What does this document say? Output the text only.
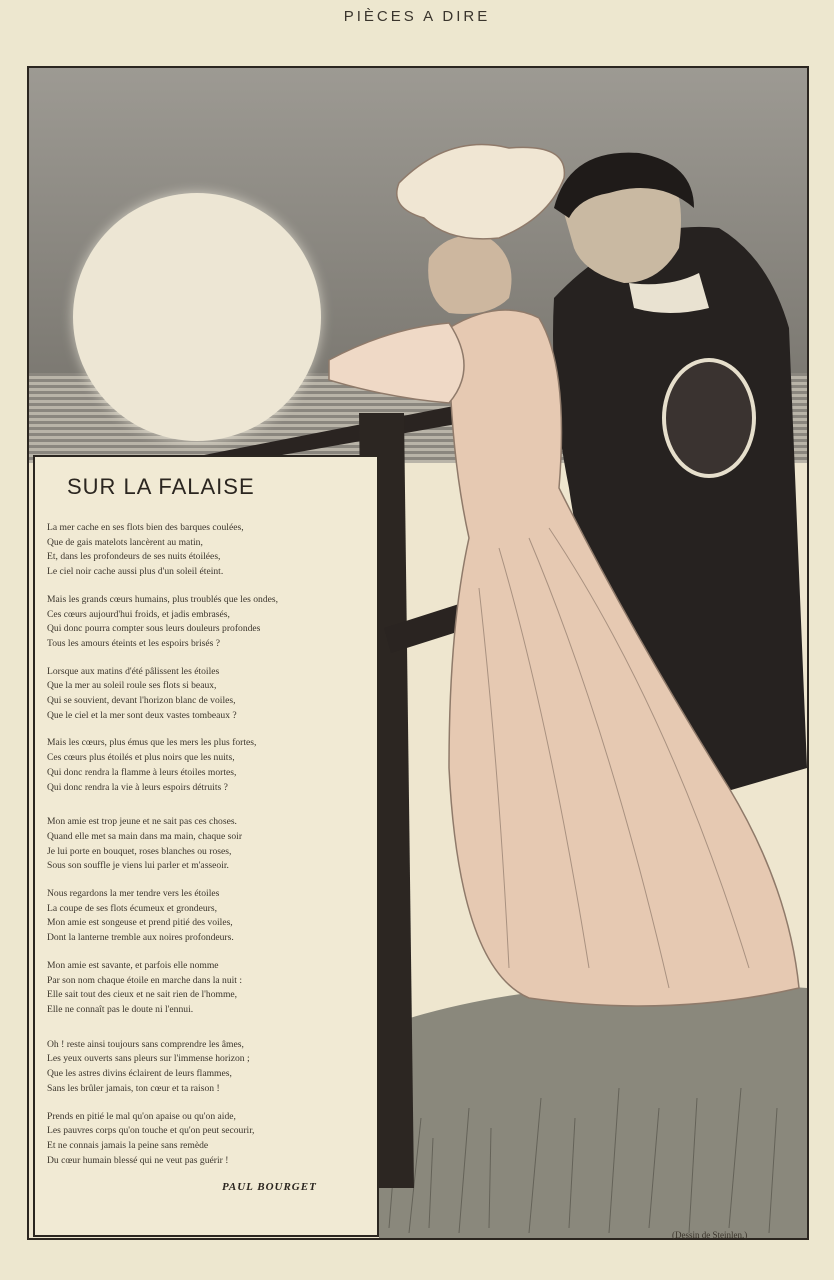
PIÈCES A DIRE
SUR LA FALAISE
La mer cache en ses flots bien des barques coulées,
Que de gais matelots lancèrent au matin,
Et, dans les profondeurs de ses nuits étoilées,
Le ciel noir cache aussi plus d'un soleil éteint.
Mais les grands cœurs humains, plus troublés que les ondes,
Ces cœurs aujourd'hui froids, et jadis embrasés,
Qui donc pourra compter sous leurs douleurs profondes
Tous les amours éteints et les espoirs brisés ?
Lorsque aux matins d'été pâlissent les étoiles
Que la mer au soleil roule ses flots si beaux,
Qui se souvient, devant l'horizon blanc de voiles,
Que le ciel et la mer sont deux vastes tombeaux ?
Mais les cœurs, plus émus que les mers les plus fortes,
Ces cœurs plus étoilés et plus noirs que les nuits,
Qui donc rendra la flamme à leurs étoiles mortes,
Qui donc rendra la vie à leurs espoirs détruits ?
Mon amie est trop jeune et ne sait pas ces choses.
Quand elle met sa main dans ma main, chaque soir
Je lui porte en bouquet, roses blanches ou roses,
Sous son souffle je viens lui parler et m'asseoir.
Nous regardons la mer tendre vers les étoiles
La coupe de ses flots écumeux et grondeurs,
Mon amie est songeuse et prend pitié des voiles,
Dont la lanterne tremble aux noires profondeurs.
Mon amie est savante, et parfois elle nomme
Par son nom chaque étoile en marche dans la nuit :
Elle sait tout des cieux et ne sait rien de l'homme,
Elle ne connaît pas le doute ni l'ennui.
Oh ! reste ainsi toujours sans comprendre les âmes,
Les yeux ouverts sans pleurs sur l'immense horizon ;
Que les astres divins éclairent de leurs flammes,
Sans les brûler jamais, ton cœur et ta raison !
Prends en pitié le mal qu'on apaise ou qu'on aide,
Les pauvres corps qu'on touche et qu'on peut secourir,
Et ne connais jamais la peine sans remède
Du cœur humain blessé qui ne veut pas guérir !
PAUL BOURGET
(Dessin de Steinlen.)
